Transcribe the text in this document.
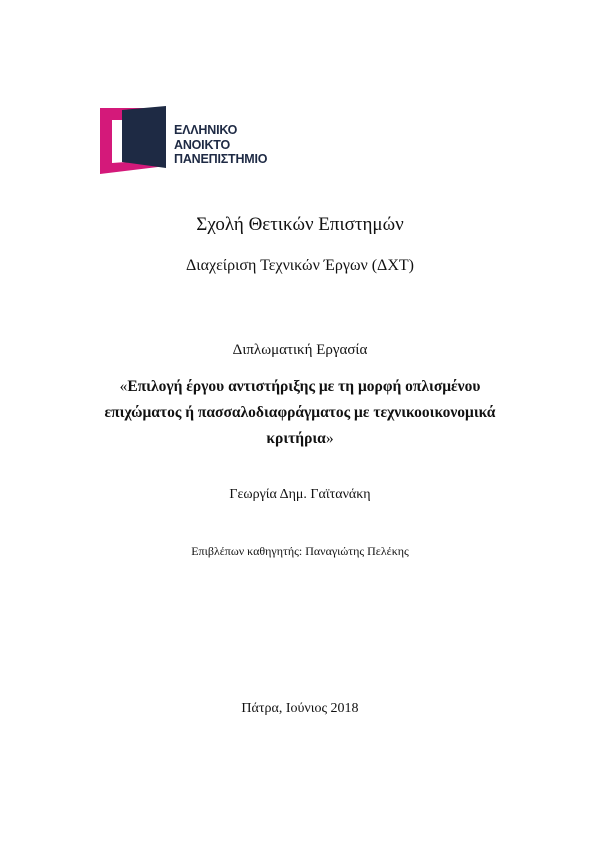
ΕΛΛΗΝΙΚΟ
ΑΝΟΙΚΤΟ
ΠΑΝΕΠΙΣΤΗΜΙΟ
Σχολή Θετικών Επιστημών
Διαχείριση Τεχνικών Έργων (ΔΧΤ)
Διπλωματική Εργασία
«Επιλογή έργου αντιστήριξης με τη μορφή οπλισμένου επιχώματος ή πασσαλοδιαφράγματος με τεχνικοοικονομικά κριτήρια»
Γεωργία Δημ. Γαϊτανάκη
Επιβλέπων καθηγητής: Παναγιώτης Πελέκης
Πάτρα, Ιούνιος 2018
